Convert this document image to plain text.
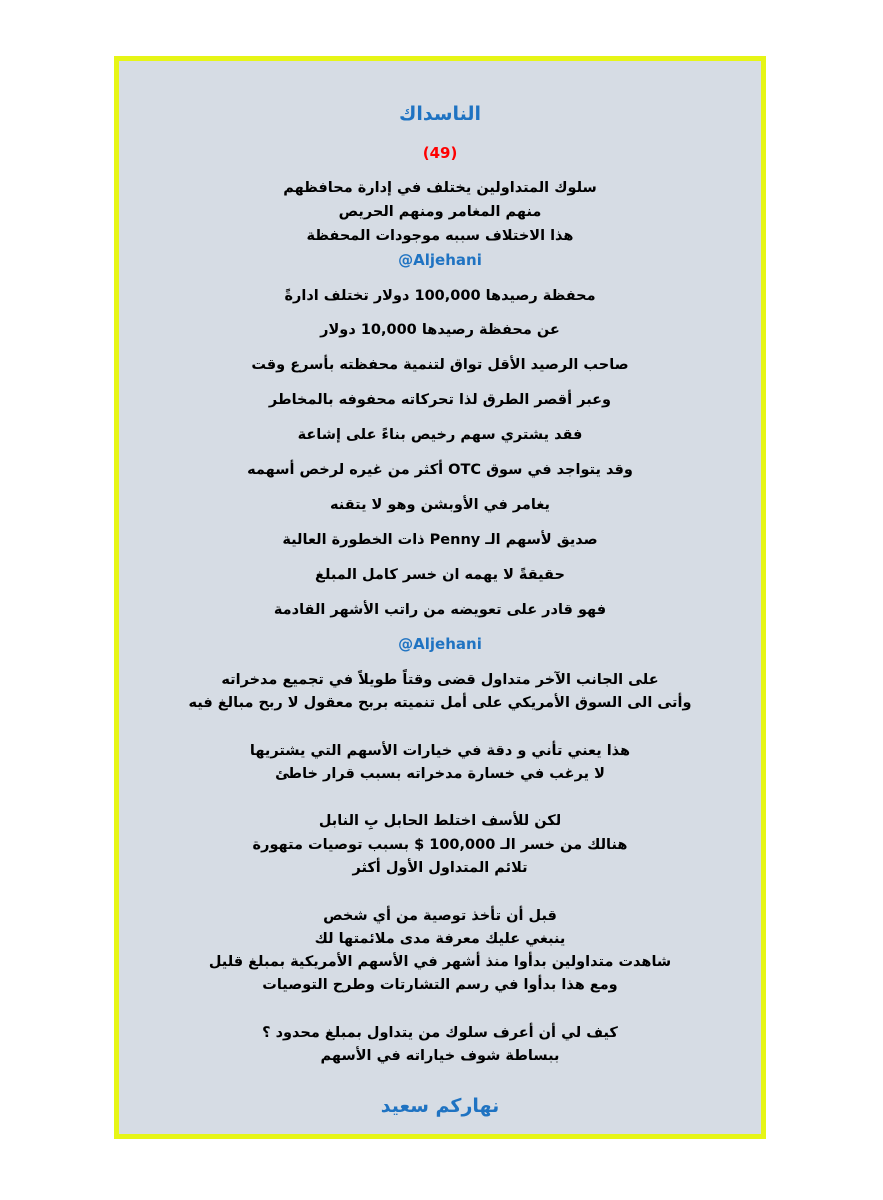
الناسداك
(49)
سلوك المتداولين يختلف في إدارة محافظهم
منهم المغامر ومنهم الحريص
هذا الاختلاف سببه موجودات المحفظة
@Aljehani
محفظة رصيدها 100,000 دولار تختلف ادارةً
عن محفظة رصيدها 10,000 دولار
صاحب الرصيد الأقل تواق لتنمية محفظته بأسرع وقت
وعبر أقصر الطرق لذا تحركاته محفوفه بالمخاطر
فقد يشتري سهم رخيص بناءً على إشاعة
وقد يتواجد في سوق OTC أكثر من غيره لرخص أسهمه
يغامر في الأوبشن وهو لا يتقنه
صديق لأسهم الـ Penny ذات الخطورة العالية
حقيقةً لا يهمه ان خسر كامل المبلغ
فهو قادر على تعويضه من راتب الأشهر القادمة
@Aljehani
على الجانب الآخر متداول قضى وقتاً طويلاً في تجميع مدخراته
وأتى الى السوق الأمريكي على أمل تنميته بربح معقول لا ربح مبالغ فيه
هذا يعني تأني و دقة في خيارات الأسهم التي يشتريها
لا يرغب في خسارة مدخراته بسبب قرار خاطئ
لكن للأسف اختلط الحابل بِ النابل
هنالك من خسر الـ 100,000 $ بسبب توصيات متهورة
تلائم المتداول الأول أكثر
قبل أن تأخذ توصية من أي شخص
ينبغي عليك معرفة مدى ملائمتها لك
شاهدت متداولين بدأوا منذ أشهر في الأسهم الأمريكية بمبلغ قليل
ومع هذا بدأوا في رسم التشارتات وطرح التوصيات
كيف لي أن أعرف سلوك من يتداول بمبلغ محدود ؟
ببساطة شوف خياراته في الأسهم
نهاركم سعيد
